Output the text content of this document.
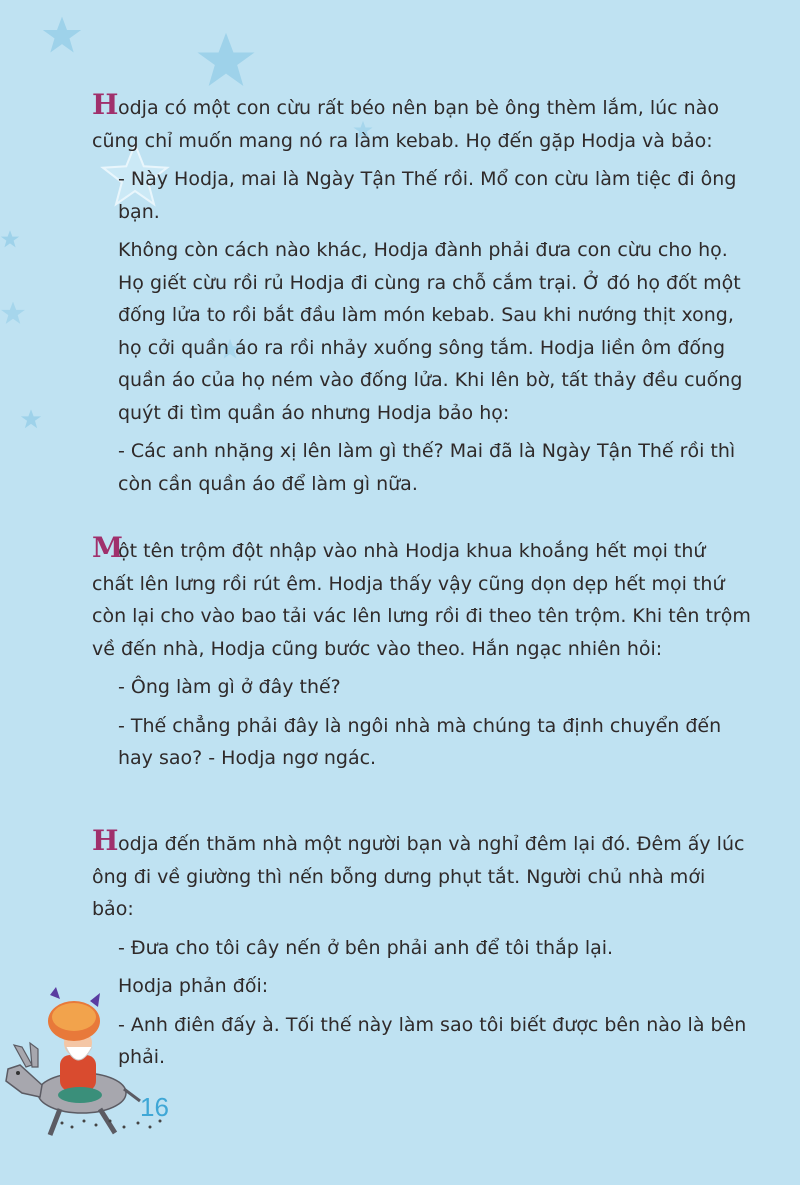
Hodja có một con cừu rất béo nên bạn bè ông thèm lắm, lúc nào cũng chỉ muốn mang nó ra làm kebab. Họ đến gặp Hodja và bảo:

- Này Hodja, mai là Ngày Tận Thế rồi. Mổ con cừu làm tiệc đi ông bạn.

Không còn cách nào khác, Hodja đành phải đưa con cừu cho họ. Họ giết cừu rồi rủ Hodja đi cùng ra chỗ cắm trại. Ở đó họ đốt một đống lửa to rồi bắt đầu làm món kebab. Sau khi nướng thịt xong, họ cởi quần áo ra rồi nhảy xuống sông tắm. Hodja liền ôm đống quần áo của họ ném vào đống lửa. Khi lên bờ, tất thảy đều cuống quýt đi tìm quần áo nhưng Hodja bảo họ:

- Các anh nhặng xị lên làm gì thế? Mai đã là Ngày Tận Thế rồi thì còn cần quần áo để làm gì nữa.

Một tên trộm đột nhập vào nhà Hodja khua khoắng hết mọi thứ chất lên lưng rồi rút êm. Hodja thấy vậy cũng dọn dẹp hết mọi thứ còn lại cho vào bao tải vác lên lưng rồi đi theo tên trộm. Khi tên trộm về đến nhà, Hodja cũng bước vào theo. Hắn ngạc nhiên hỏi:

- Ông làm gì ở đây thế?

- Thế chẳng phải đây là ngôi nhà mà chúng ta định chuyển đến hay sao? - Hodja ngơ ngác.

Hodja đến thăm nhà một người bạn và nghỉ đêm lại đó. Đêm ấy lúc ông đi về giường thì nến bỗng dưng phụt tắt. Người chủ nhà mới bảo:

- Đưa cho tôi cây nến ở bên phải anh để tôi thắp lại.

Hodja phản đối:

- Anh điên đấy à. Tối thế này làm sao tôi biết được bên nào là bên phải.

16
